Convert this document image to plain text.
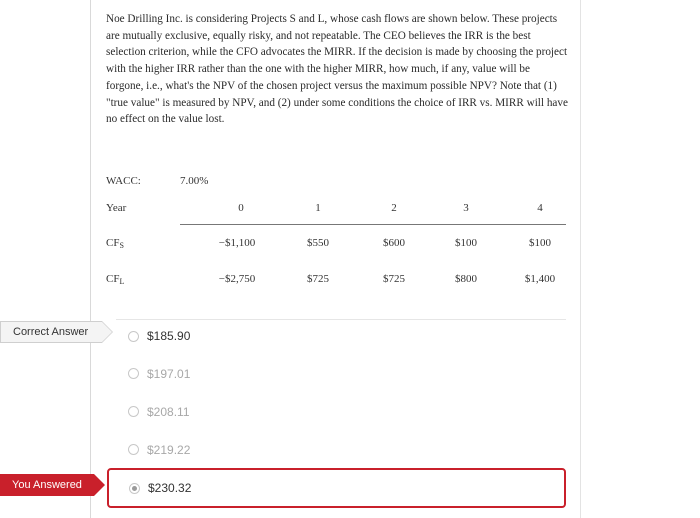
Noe Drilling Inc. is considering Projects S and L, whose cash flows are shown below. These projects are mutually exclusive, equally risky, and not repeatable. The CEO believes the IRR is the best selection criterion, while the CFO advocates the MIRR. If the decision is made by choosing the project with the higher IRR rather than the one with the higher MIRR, how much, if any, value will be forgone, i.e., what's the NPV of the chosen project versus the maximum possible NPV? Note that (1) "true value" is measured by NPV, and (2) under some conditions the choice of IRR vs. MIRR will have no effect on the value lost.
WACC:	7.00%
Year	0	1	2	3	4
$CF_S$	−$1,100	$550	$600	$100	$100
$CF_L$	−$2,750	$725	$725	$800	$1,400
Correct Answer
You Answered
$185.90
$197.01
$208.11
$219.22
$230.32
